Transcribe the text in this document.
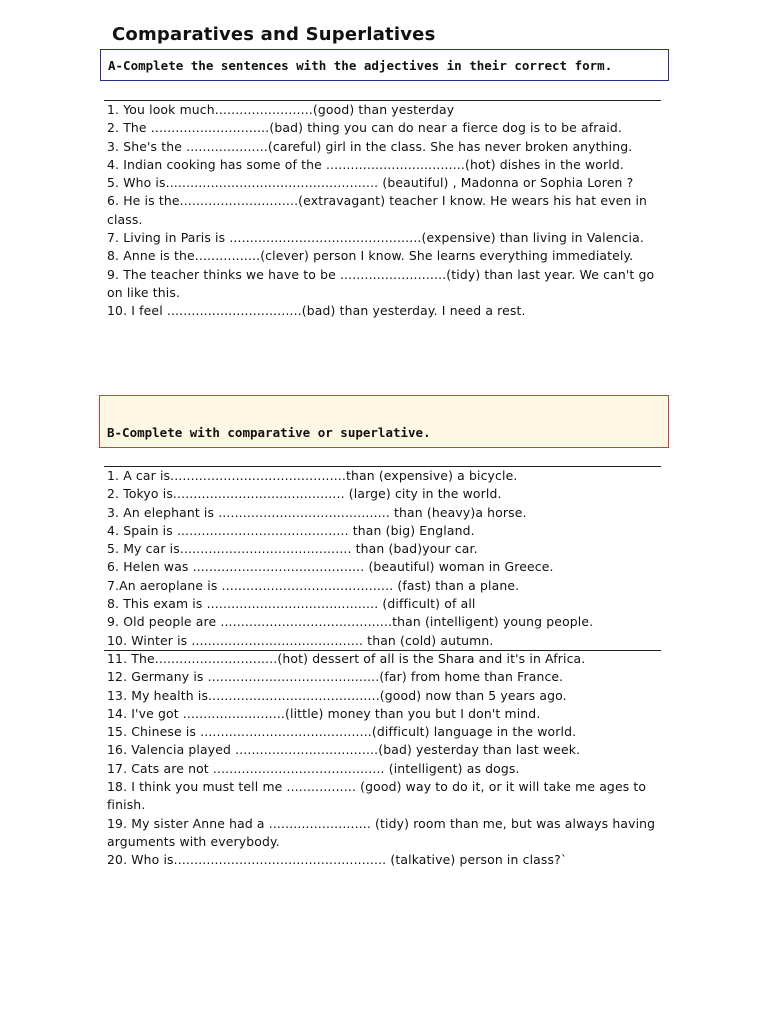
Comparatives and Superlatives
A-Complete the sentences with the adjectives in their correct form.
1. You look much........................(good) than yesterday
2. The .............................(bad) thing you can do near a fierce dog is to be afraid.
3. She's the ....................(careful) girl in the class. She has never broken anything.
4. Indian cooking has some of the ..................................(hot) dishes in the world.
5. Who is.................................................... (beautiful) , Madonna or Sophia Loren ?
6. He is the.............................(extravagant) teacher I know. He wears his hat even in class.
7. Living in Paris is ...............................................(expensive) than living in Valencia.
8. Anne is the................(clever) person I know. She learns everything immediately.
9. The teacher thinks we have to be ..........................(tidy) than last year. We can't go on like this.
10. I feel .................................(bad) than yesterday. I need a rest.
B-Complete with comparative or superlative.
1. A car is...........................................than (expensive) a bicycle.
2. Tokyo is.......................................... (large) city in the world.
3. An elephant is .......................................... than (heavy)a horse.
4. Spain is .......................................... than (big) England.
5. My car is.......................................... than (bad)your car.
6. Helen was .......................................... (beautiful) woman in Greece.
7.An aeroplane is .......................................... (fast) than a plane.
8. This exam is .......................................... (difficult) of all
9. Old people are ..........................................than (intelligent) young people.
10. Winter is .......................................... than (cold) autumn.
11. The..............................(hot) dessert of all is the Shara and it's in Africa.
12. Germany is ..........................................(far) from home than France.
13. My health is..........................................(good) now than 5 years ago.
14. I've got .........................(little) money than you but I don't mind.
15. Chinese is ..........................................(difficult) language in the world.
16. Valencia played ...................................(bad) yesterday than last week.
17. Cats are not .......................................... (intelligent) as dogs.
18. I think you must tell me ................. (good) way to do it, or it will take me ages to finish.
19. My sister Anne had a ......................... (tidy) room than me, but was always having arguments with everybody.
20. Who is.................................................... (talkative) person in class?`
